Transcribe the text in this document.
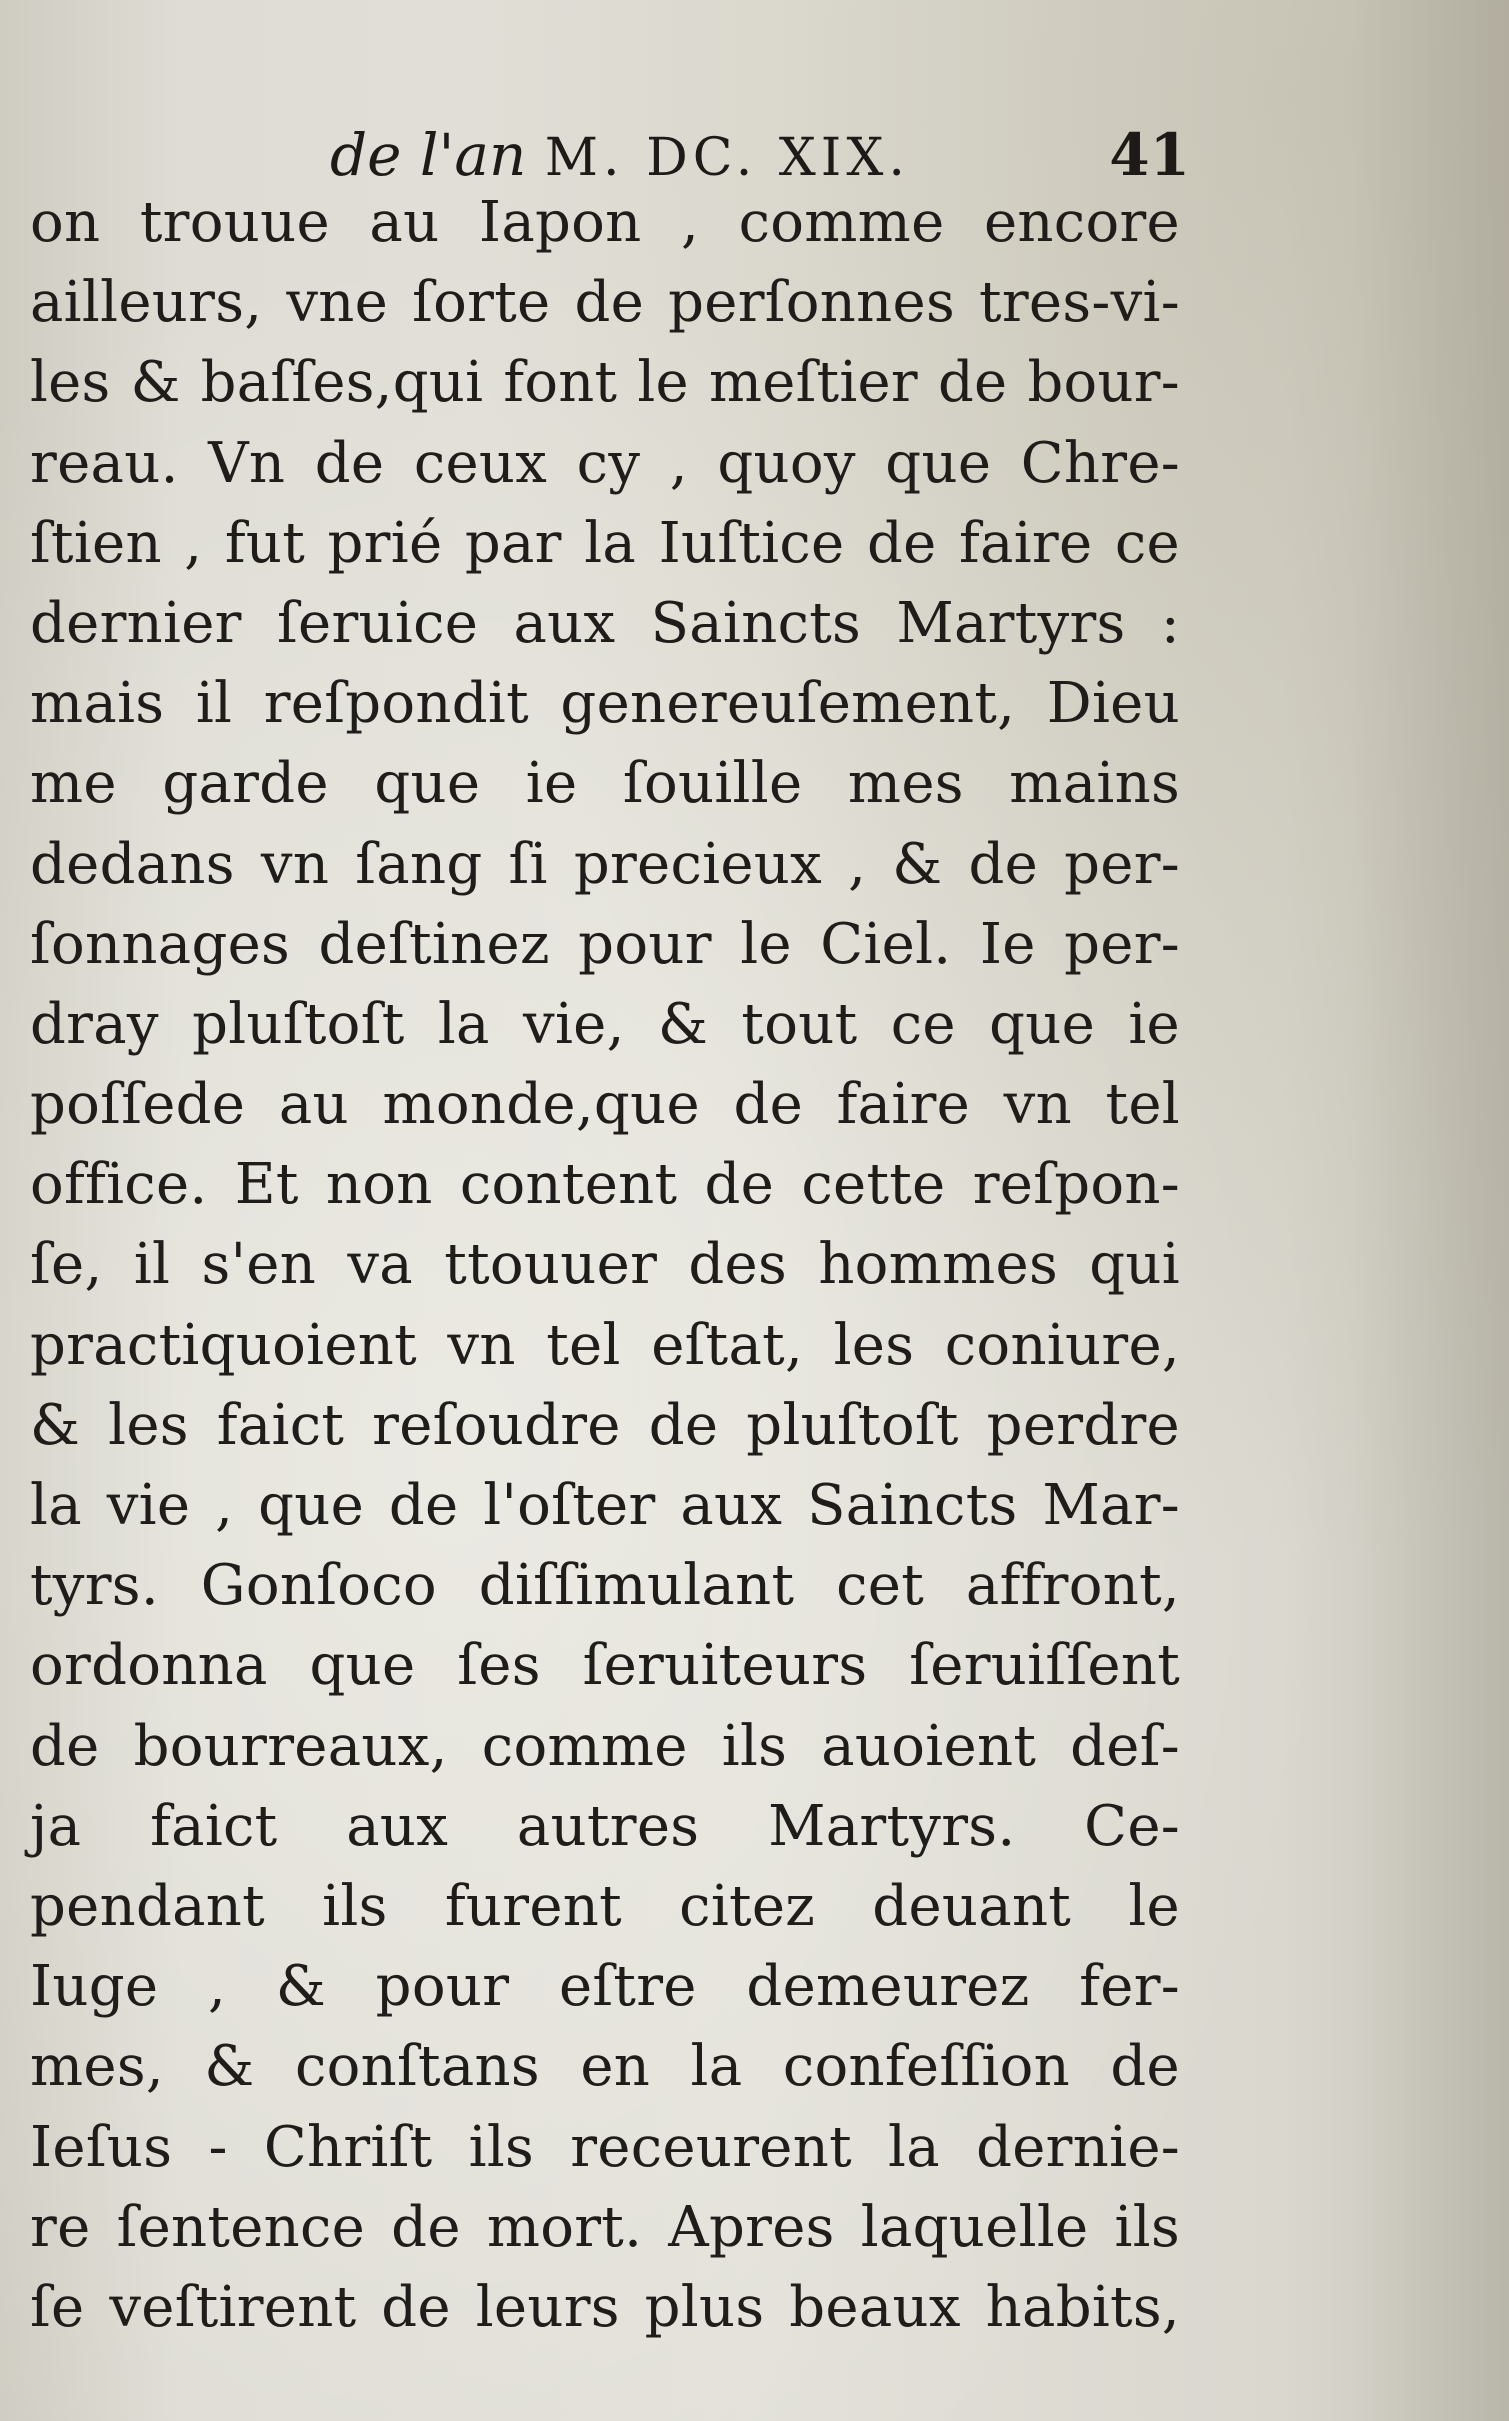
de l'an M. DC. XIX.	41
on trouue au Iapon , comme encore
ailleurs, vne ſorte de perſonnes tres-vi-
les & baſſes,qui font le meſtier de bour-
reau. Vn de ceux cy , quoy que Chre-
ſtien , fut prié par la Iuſtice de faire ce
dernier ſeruice aux Saincts Martyrs :
mais il reſpondit genereuſement, Dieu
me garde que ie ſouille mes mains
dedans vn ſang ſi precieux , & de per-
ſonnages deſtinez pour le Ciel. Ie per-
dray pluſtoſt la vie, & tout ce que ie
poſſede au monde,que de faire vn tel
office. Et non content de cette reſpon-
ſe, il s'en va ttouuer des hommes qui
practiquoient vn tel eſtat, les coniure,
& les faict reſoudre de pluſtoſt perdre
la vie , que de l'oſter aux Saincts Mar-
tyrs. Gonſoco diſſimulant cet affront,
ordonna que ſes ſeruiteurs ſeruiſſent
de bourreaux, comme ils auoient deſ-
ja faict aux autres Martyrs. Ce-
pendant ils furent citez deuant le
Iuge , & pour eſtre demeurez fer-
mes, & conſtans en la confeſſion de
Ieſus - Chriſt ils receurent la dernie-
re ſentence de mort. Apres laquelle ils
ſe veſtirent de leurs plus beaux habits,
